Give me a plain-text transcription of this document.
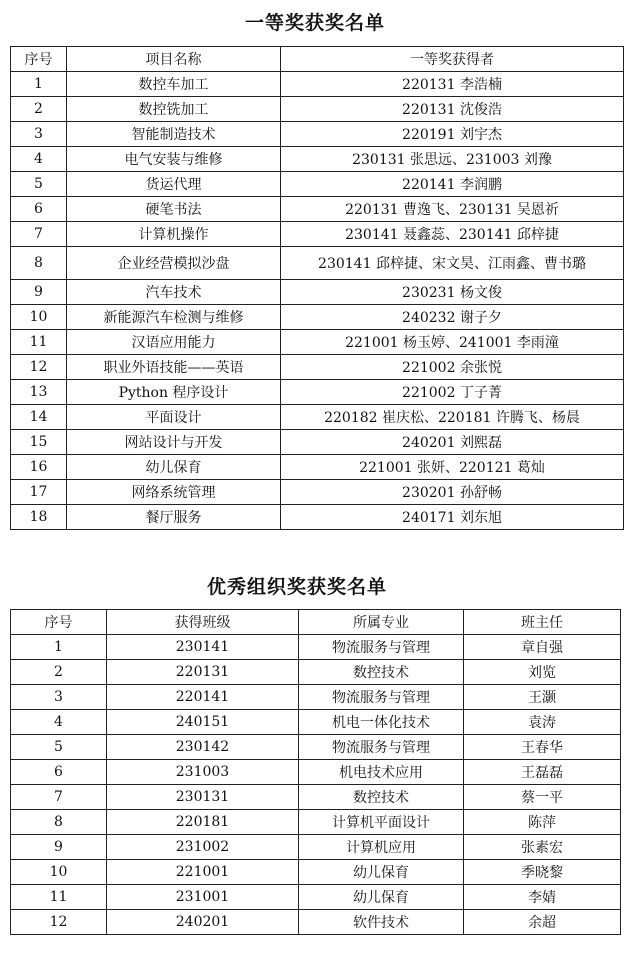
一等奖获奖名单
序号	项目名称	一等奖获得者
1	数控车加工	220131 李浩楠
2	数控铣加工	220131 沈俊浩
3	智能制造技术	220191 刘宇杰
4	电气安装与维修	230131 张思远、231003 刘豫
5	货运代理	220141 李润鹏
6	硬笔书法	220131 曹逸飞、230131 吴恩祈
7	计算机操作	230141 聂鑫蕊、230141 邱梓捷
8	企业经营模拟沙盘	230141 邱梓捷、宋文昊、江雨鑫、曹书璐
9	汽车技术	230231 杨文俊
10	新能源汽车检测与维修	240232 谢子夕
11	汉语应用能力	221001 杨玉婷、241001 李雨潼
12	职业外语技能——英语	221002 余张悦
13	Python 程序设计	221002 丁子菁
14	平面设计	220182 崔庆松、220181 许腾飞、杨晨
15	网站设计与开发	240201 刘熙磊
16	幼儿保育	221001 张妍、220121 葛灿
17	网络系统管理	230201 孙舒畅
18	餐厅服务	240171 刘东旭
优秀组织奖获奖名单
序号	获得班级	所属专业	班主任
1	230141	物流服务与管理	章自强
2	220131	数控技术	刘览
3	220141	物流服务与管理	王灏
4	240151	机电一体化技术	袁涛
5	230142	物流服务与管理	王春华
6	231003	机电技术应用	王磊磊
7	230131	数控技术	蔡一平
8	220181	计算机平面设计	陈萍
9	231002	计算机应用	张素宏
10	221001	幼儿保育	季晓黎
11	231001	幼儿保育	李婧
12	240201	软件技术	余超
